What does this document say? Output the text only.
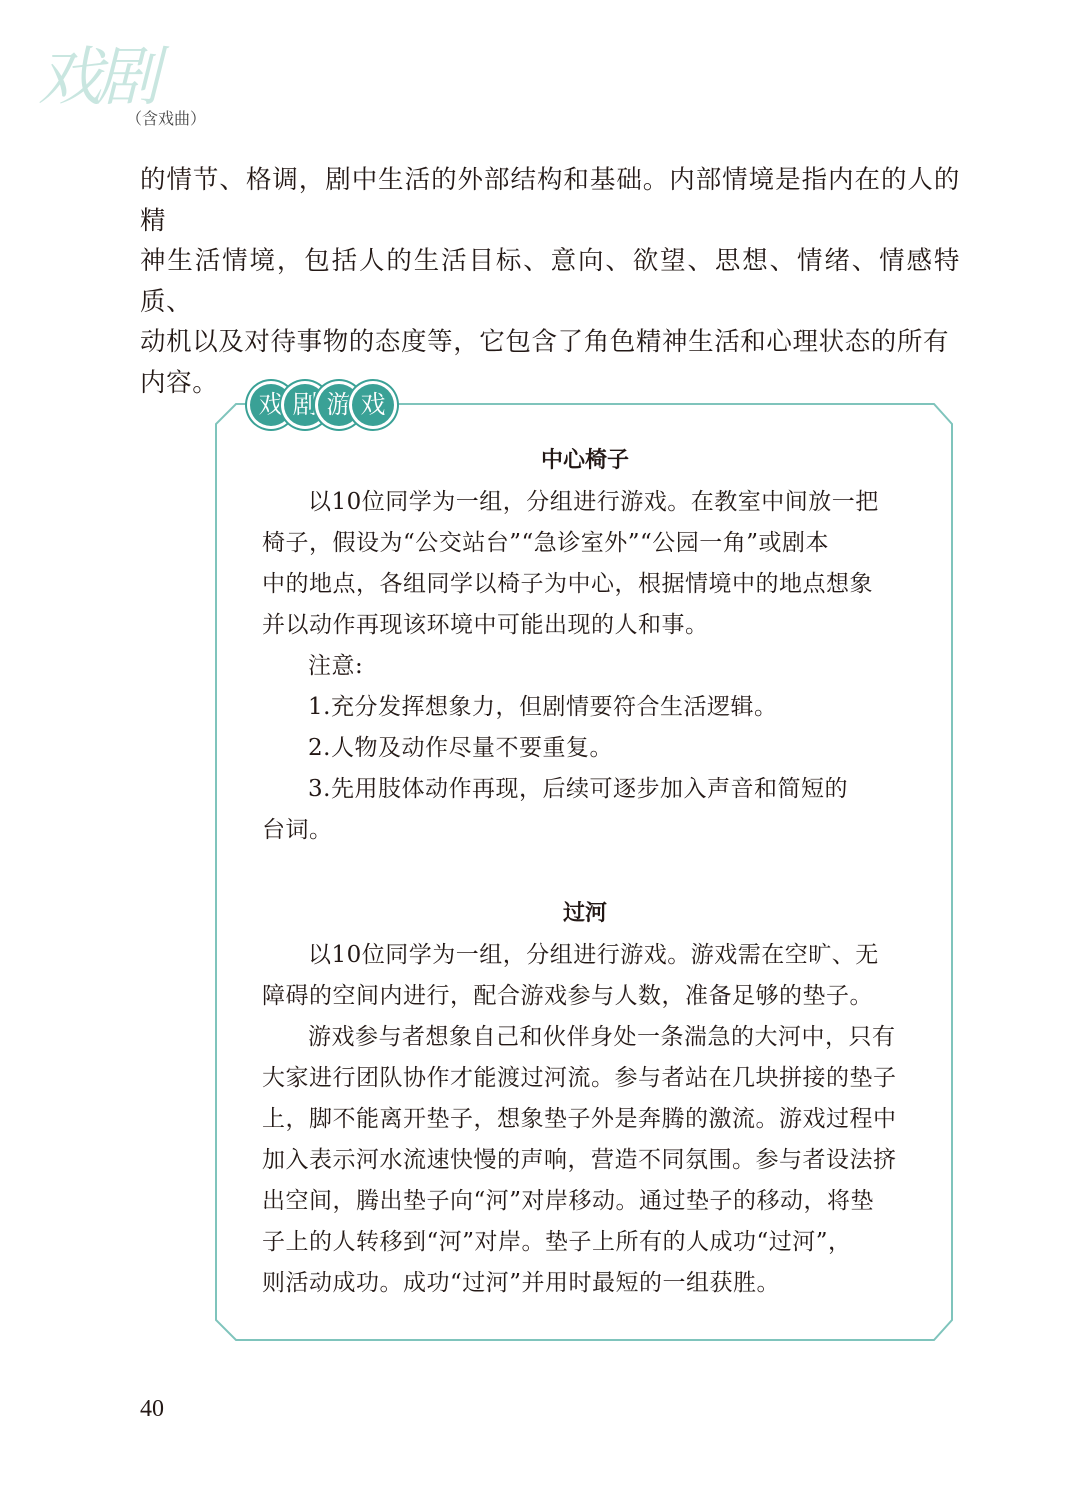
戏剧
（含戏曲）

的情节、格调，剧中生活的外部结构和基础。内部情境是指内在的人的精
神生活情境，包括人的生活目标、意向、欲望、思想、情绪、情感特质、
动机以及对待事物的态度等，它包含了角色精神生活和心理状态的所有
内容。

戏 剧 游 戏
中心椅子

以10位同学为一组，分组进行游戏。在教室中间放一把
椅子，假设为“公交站台”“急诊室外”“公园一角”或剧本
中的地点，各组同学以椅子为中心，根据情境中的地点想象
并以动作再现该环境中可能出现的人和事。

注意:

1.充分发挥想象力，但剧情要符合生活逻辑。

2.人物及动作尽量不要重复。

3.先用肢体动作再现，后续可逐步加入声音和简短的
台词。

过河

以10位同学为一组，分组进行游戏。游戏需在空旷、无
障碍的空间内进行，配合游戏参与人数，准备足够的垫子。

游戏参与者想象自己和伙伴身处一条湍急的大河中，只有
大家进行团队协作才能渡过河流。参与者站在几块拼接的垫子
上，脚不能离开垫子，想象垫子外是奔腾的激流。游戏过程中
加入表示河水流速快慢的声响，营造不同氛围。参与者设法挤
出空间，腾出垫子向“河”对岸移动。通过垫子的移动，将垫
子上的人转移到“河”对岸。垫子上所有的人成功“过河”，
则活动成功。成功“过河”并用时最短的一组获胜。

40
